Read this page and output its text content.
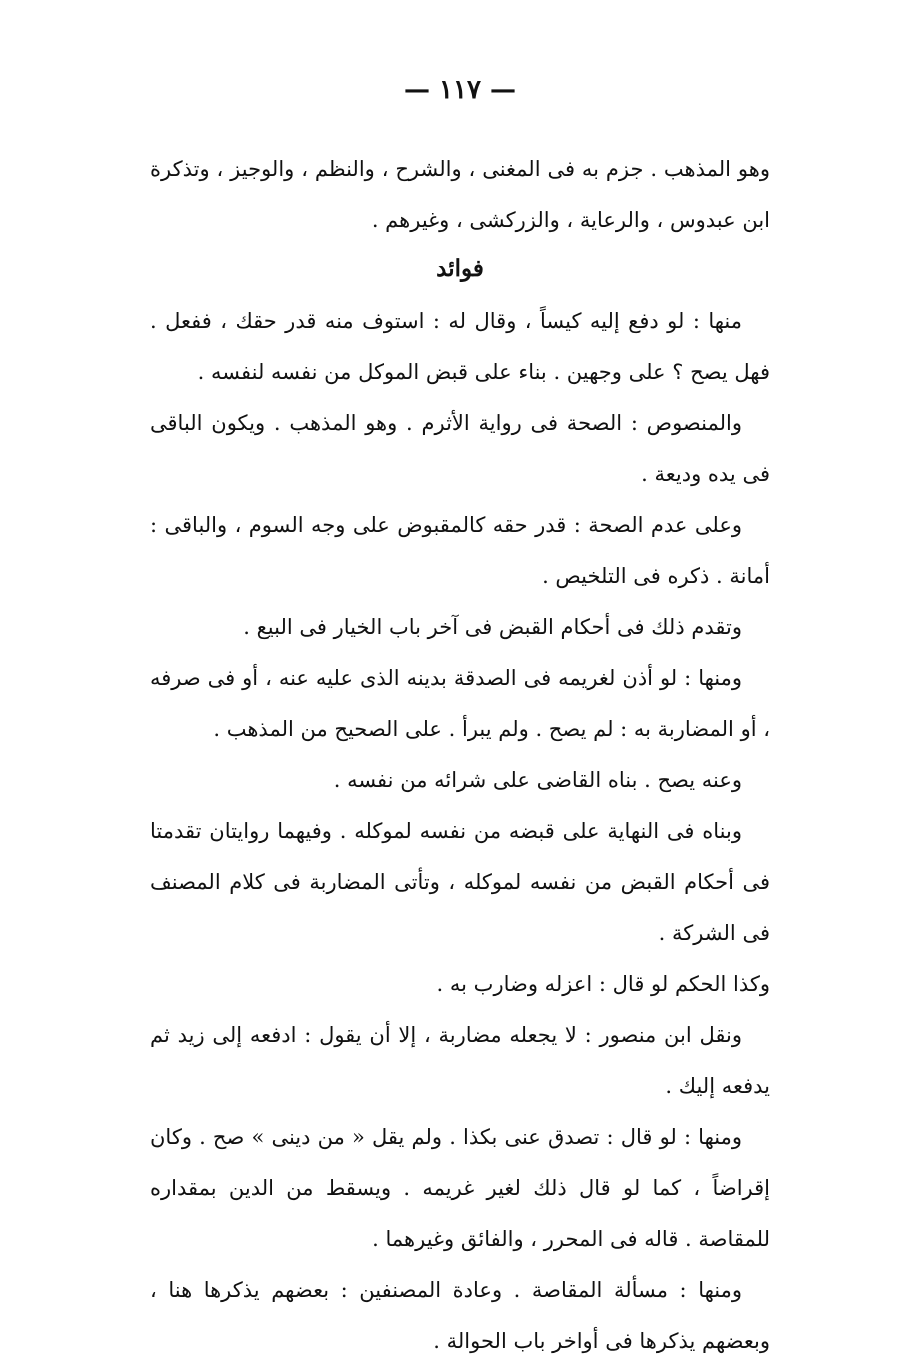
— ١١٧ —

وهو المذهب . جزم به فى المغنى ، والشرح ، والنظم ، والوجيز ، وتذكرة ابن عبدوس ، والرعاية ، والزركشى ، وغيرهم .

فوائد

منها : لو دفع إليه كيساً ، وقال له : استوف منه قدر حقك ، ففعل . فهل يصح ؟ على وجهين . بناء على قبض الموكل من نفسه لنفسه .

والمنصوص : الصحة فى رواية الأثرم . وهو المذهب . ويكون الباقى فى يده وديعة .

وعلى عدم الصحة : قدر حقه كالمقبوض على وجه السوم ، والباقى : أمانة . ذكره فى التلخيص .

وتقدم ذلك فى أحكام القبض فى آخر باب الخيار فى البيع .

ومنها : لو أذن لغريمه فى الصدقة بدينه الذى عليه عنه ، أو فى صرفه ، أو المضاربة به : لم يصح . ولم يبرأ . على الصحيح من المذهب .

وعنه يصح . بناه القاضى على شرائه من نفسه .

وبناه فى النهاية على قبضه من نفسه لموكله . وفيهما روايتان تقدمتا فى أحكام القبض من نفسه لموكله ، وتأتى المضاربة فى كلام المصنف فى الشركة .

وكذا الحكم لو قال : اعزله وضارب به .

ونقل ابن منصور : لا يجعله مضاربة ، إلا أن يقول : ادفعه إلى زيد ثم يدفعه إليك .

ومنها : لو قال : تصدق عنى بكذا . ولم يقل « من دينى » صح . وكان إقراضاً ، كما لو قال ذلك لغير غريمه . ويسقط من الدين بمقداره للمقاصة . قاله فى المحرر ، والفائق وغيرهما .

ومنها : مسألة المقاصة . وعادة المصنفين : بعضهم يذكرها هنا ، وبعضهم يذكرها فى أواخر باب الحوالة .
